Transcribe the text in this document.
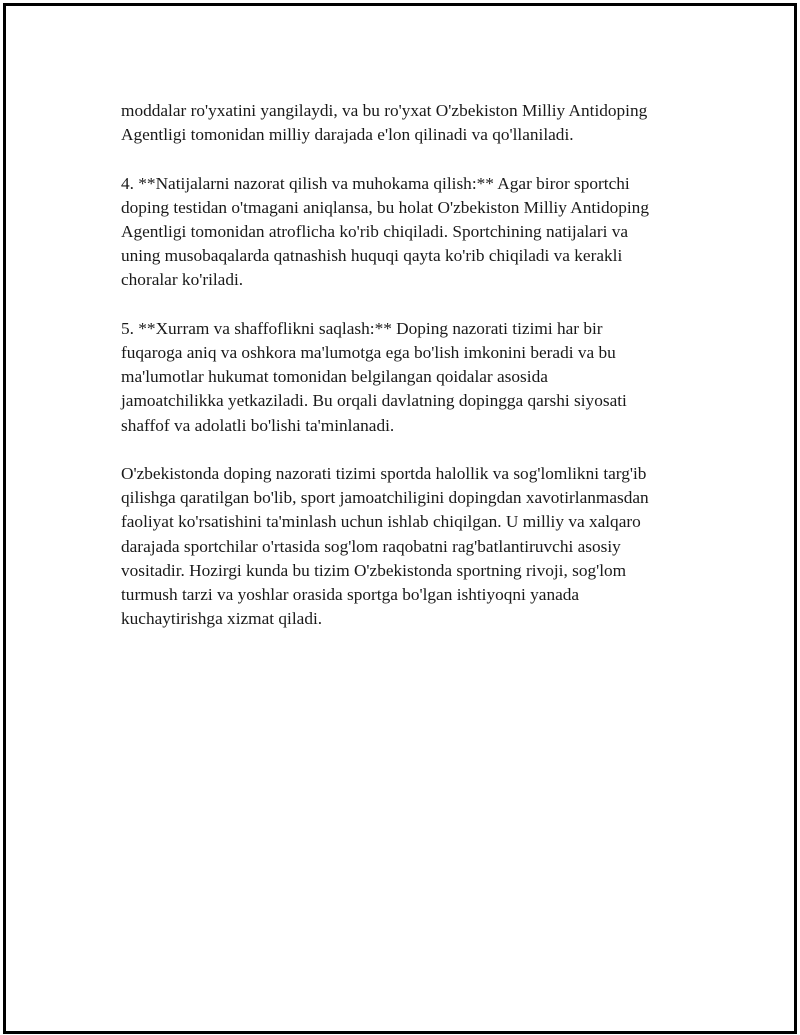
moddalar ro'yxatini yangilaydi, va bu ro'yxat O'zbekiston Milliy Antidoping
Agentligi tomonidan milliy darajada e'lon qilinadi va qo'llaniladi.

4. **Natijalarni nazorat qilish va muhokama qilish:** Agar biror sportchi
doping testidan o'tmagani aniqlansa, bu holat O'zbekiston Milliy Antidoping
Agentligi tomonidan atroflicha ko'rib chiqiladi. Sportchining natijalari va
uning musobaqalarda qatnashish huquqi qayta ko'rib chiqiladi va kerakli
choralar ko'riladi.

5. **Xurram va shaffoflikni saqlash:** Doping nazorati tizimi har bir
fuqaroga aniq va oshkora ma'lumotga ega bo'lish imkonini beradi va bu
ma'lumotlar hukumat tomonidan belgilangan qoidalar asosida
jamoatchilikka yetkaziladi. Bu orqali davlatning dopingga qarshi siyosati
shaffof va adolatli bo'lishi ta'minlanadi.

O'zbekistonda doping nazorati tizimi sportda halollik va sog'lomlikni targ'ib
qilishga qaratilgan bo'lib, sport jamoatchiligini dopingdan xavotirlanmasdan
faoliyat ko'rsatishini ta'minlash uchun ishlab chiqilgan. U milliy va xalqaro
darajada sportchilar o'rtasida sog'lom raqobatni rag'batlantiruvchi asosiy
vositadir. Hozirgi kunda bu tizim O'zbekistonda sportning rivoji, sog'lom
turmush tarzi va yoshlar orasida sportga bo'lgan ishtiyoqni yanada
kuchaytirishga xizmat qiladi.
